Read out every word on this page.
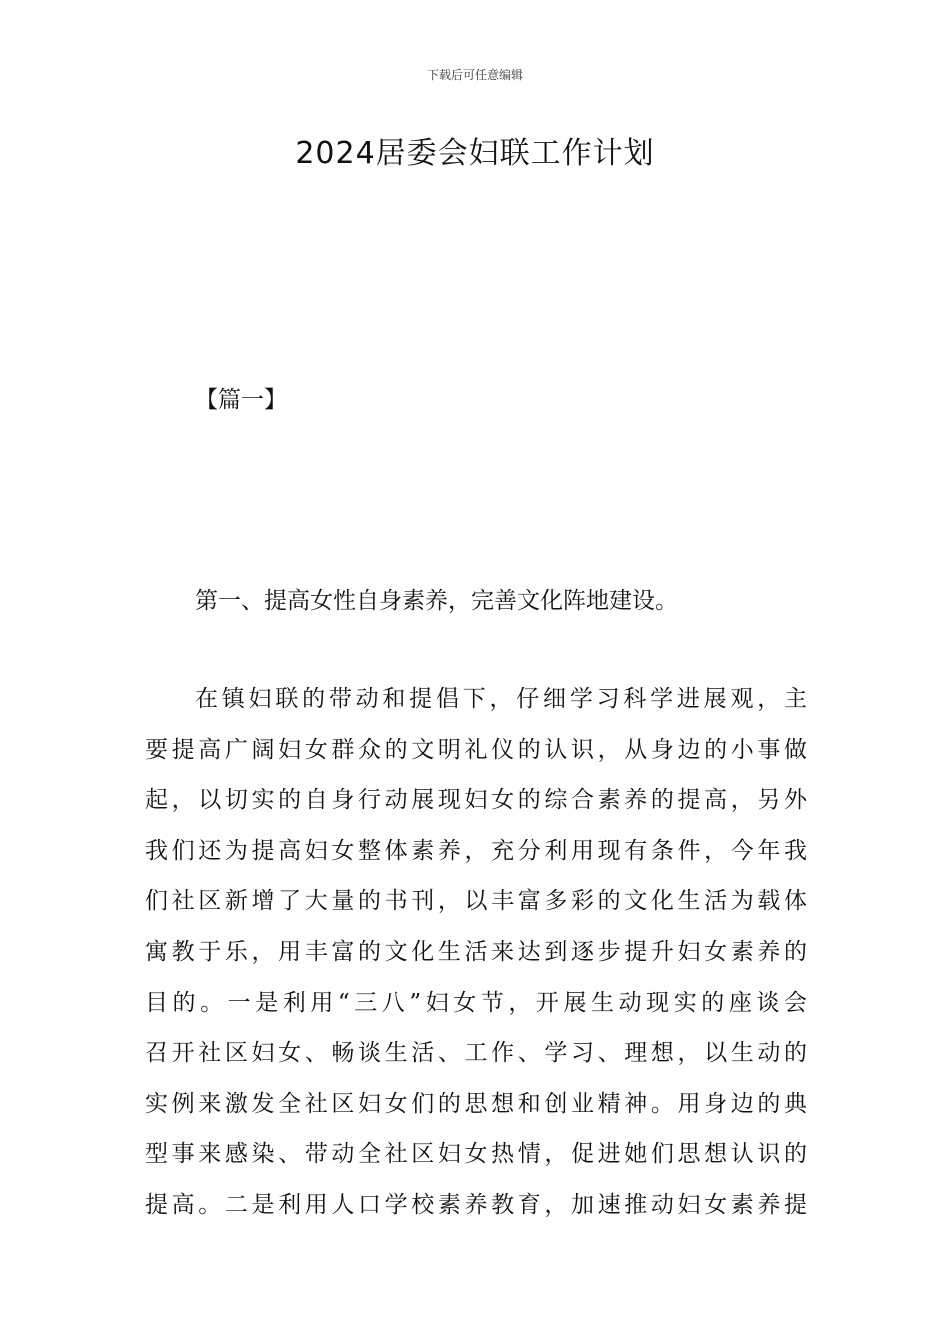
下载后可任意编辑
2024居委会妇联工作计划
【篇一】
第一、提高女性自身素养，完善文化阵地建设。
在镇妇联的带动和提倡下，仔细学习科学进展观，主
要提高广阔妇女群众的文明礼仪的认识，从身边的小事做
起，以切实的自身行动展现妇女的综合素养的提高，另外
我们还为提高妇女整体素养，充分利用现有条件，今年我
们社区新增了大量的书刊，以丰富多彩的文化生活为载体
寓教于乐，用丰富的文化生活来达到逐步提升妇女素养的
目的。一是利用“三八”妇女节，开展生动现实的座谈会
召开社区妇女、畅谈生活、工作、学习、理想，以生动的
实例来激发全社区妇女们的思想和创业精神。用身边的典
型事来感染、带动全社区妇女热情，促进她们思想认识的
提高。二是利用人口学校素养教育，加速推动妇女素养提
